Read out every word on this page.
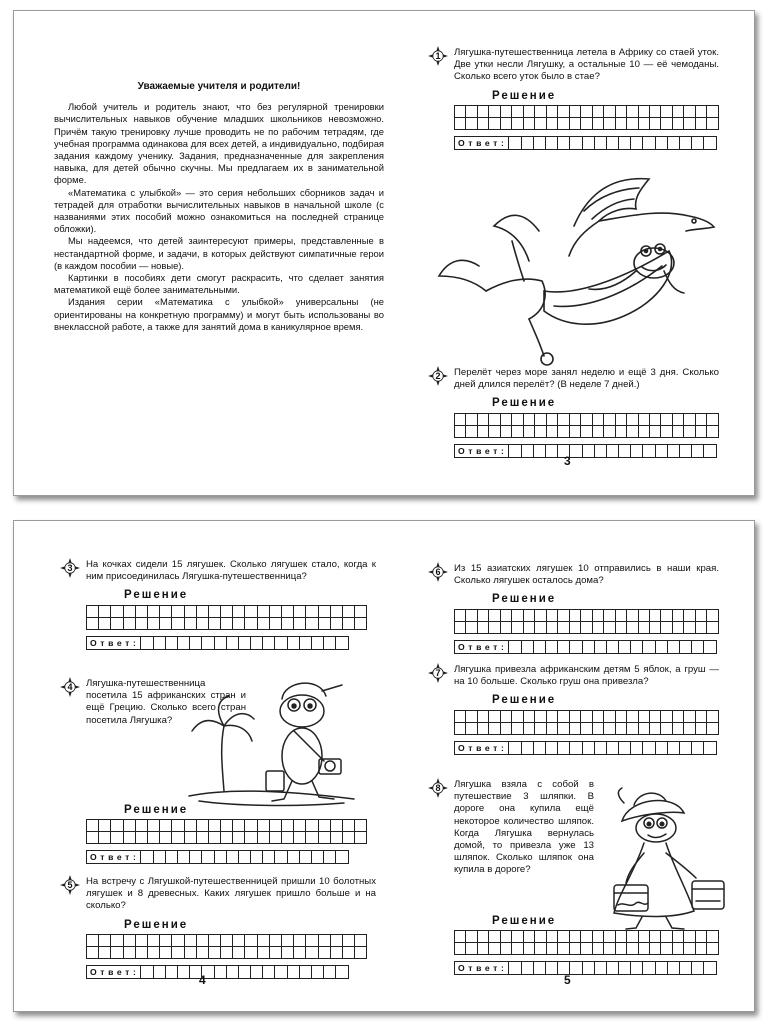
Уважаемые учителя и родители!

Любой учитель и родитель знают, что без регулярной тренировки вычислительных навыков обучение младших школьников невозможно. Причём такую тренировку лучше проводить не по рабочим тетрадям, где учебная программа одинакова для всех детей, а индивидуально, подбирая задания каждому ученику. Задания, предназначенные для закрепления навыка, для детей обычно скучны. Мы предлагаем их в занимательной форме.

«Математика с улыбкой» — это серия небольших сборников задач и тетрадей для отработки вычислительных навыков в начальной школе (с названиями этих пособий можно ознакомиться на последней странице обложки).

Мы надеемся, что детей заинтересуют примеры, представленные в нестандартной форме, и задачи, в которых действуют симпатичные герои (в каждом пособии — новые).

Картинки в пособиях дети смогут раскрасить, что сделает занятия математикой ещё более занимательными.

Издания серии «Математика с улыбкой» универсальны (не ориентированы на конкретную программу) и могут быть использованы во внеклассной работе, а также для занятий дома в каникулярное время.

1	Лягушка-путешественница летела в Африку со стаей уток. Две утки несли Лягушку, а остальные 10 — её чемоданы. Сколько всего уток было в стае?
Решение

Ответ:

2	Перелёт через море занял неделю и ещё 3 дня. Сколько дней длился перелёт? (В неделе 7 дней.)
Решение

Ответ:

3
3	На кочках сидели 15 лягушек. Сколько лягушек стало, когда к ним присоединилась Лягушка-путешественница?
Решение

Ответ:

4	Лягушка-путешественница посетила 15 африканских стран и ещё Грецию. Сколько всего стран посетила Лягушка?
Решение

Ответ:

5	На встречу с Лягушкой-путешественницей пришли 10 болотных лягушек и 8 древесных. Каких лягушек пришло больше и на сколько?
Решение

Ответ:

4
6	Из 15 азиатских лягушек 10 отправились в наши края. Сколько лягушек осталось дома?
Решение

Ответ:

7	Лягушка привезла африканским детям 5 яблок, а груш — на 10 больше. Сколько груш она привезла?
Решение

Ответ:

8	Лягушка взяла с собой в путешествие 3 шляпки. В дороге она купила ещё некоторое количество шляпок. Когда Лягушка вернулась домой, то привезла уже 13 шляпок. Сколько шляпок она купила в дороге?
Решение

Ответ:

5
